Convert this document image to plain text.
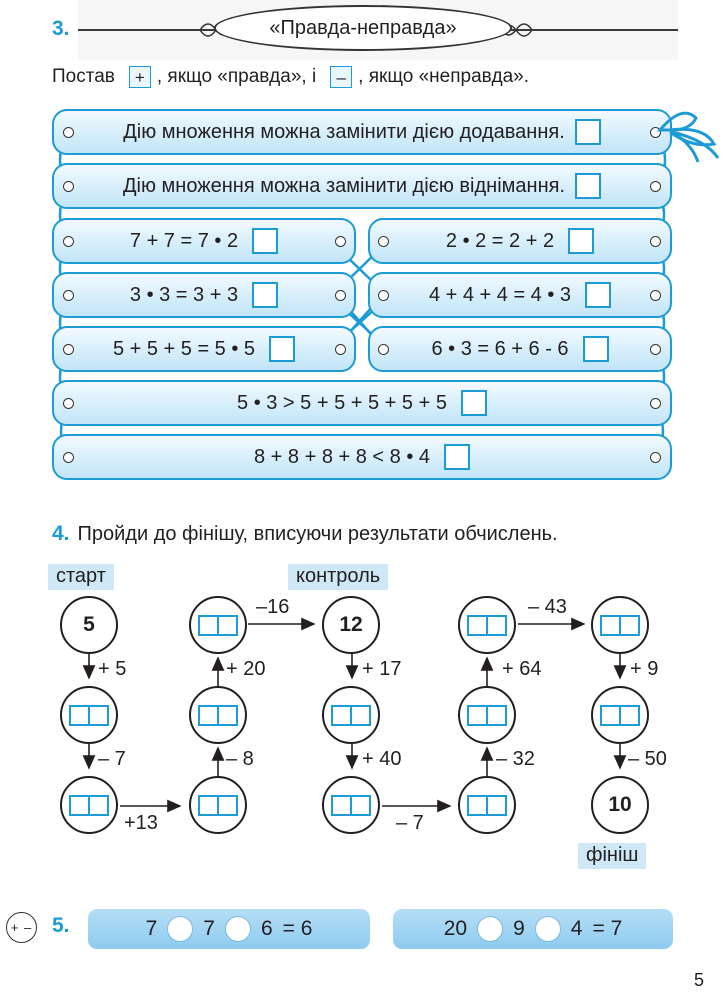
3.	«Правда-неправда»
Постав	+ , якщо «правда», і	– , якщо «неправда».
Дію множення можна замінити дією додавання.
Дію множення можна замінити дією віднімання.
7 + 7 = 7 • 2	2 • 2 = 2 + 2
3 • 3 = 3 + 3	4 + 4 + 4 = 4 • 3
5 + 5 + 5 = 5 • 5	6 • 3 = 6 + 6 - 6
5 • 3 > 5 + 5 + 5 + 5 + 5
8 + 8 + 8 + 8 < 8 • 4
4. Пройди до фінішу, вписуючи результати обчислень.
старт	контроль
фініш
5	12
10
+ 5
– 7
+13
– 8
+ 20
–16
+ 17
+ 40
– 7
– 32
+ 64
– 43
+ 9
– 50
+ – 5.	7 7 6 = 6	20 9 4 = 7
5
